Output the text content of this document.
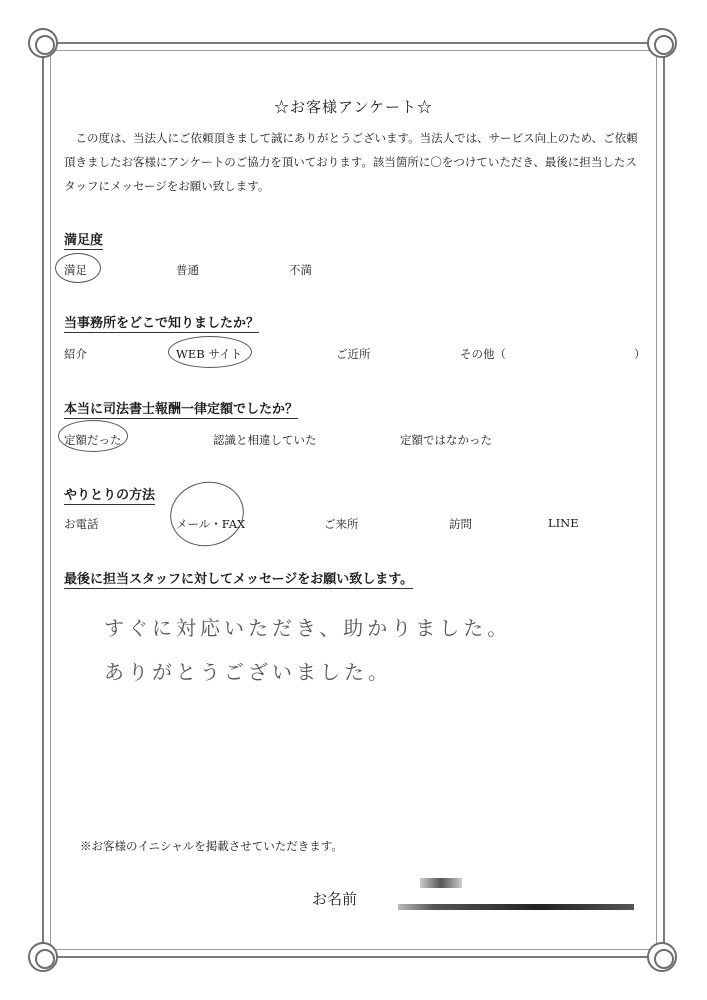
☆お客様アンケート☆
この度は、当法人にご依頼頂きまして誠にありがとうございます。当法人では、サービス向上のため、ご依頼頂きましたお客様にアンケートのご協力を頂いております。該当箇所に〇をつけていただき、最後に担当したスタッフにメッセージをお願い致します。
満足度
満足	普通	不満
当事務所をどこで知りましたか？
紹介	WEB サイト	ご近所	その他（	）
本当に司法書士報酬一律定額でしたか？
定額だった	認識と相違していた	定額ではなかった
やりとりの方法
お電話	メール・FAX	ご来所	訪問	LINE
最後に担当スタッフに対してメッセージをお願い致します。
すぐに対応いただき、助かりました。
ありがとうございました。
※お客様のイニシャルを掲載させていただきます。
お名前
